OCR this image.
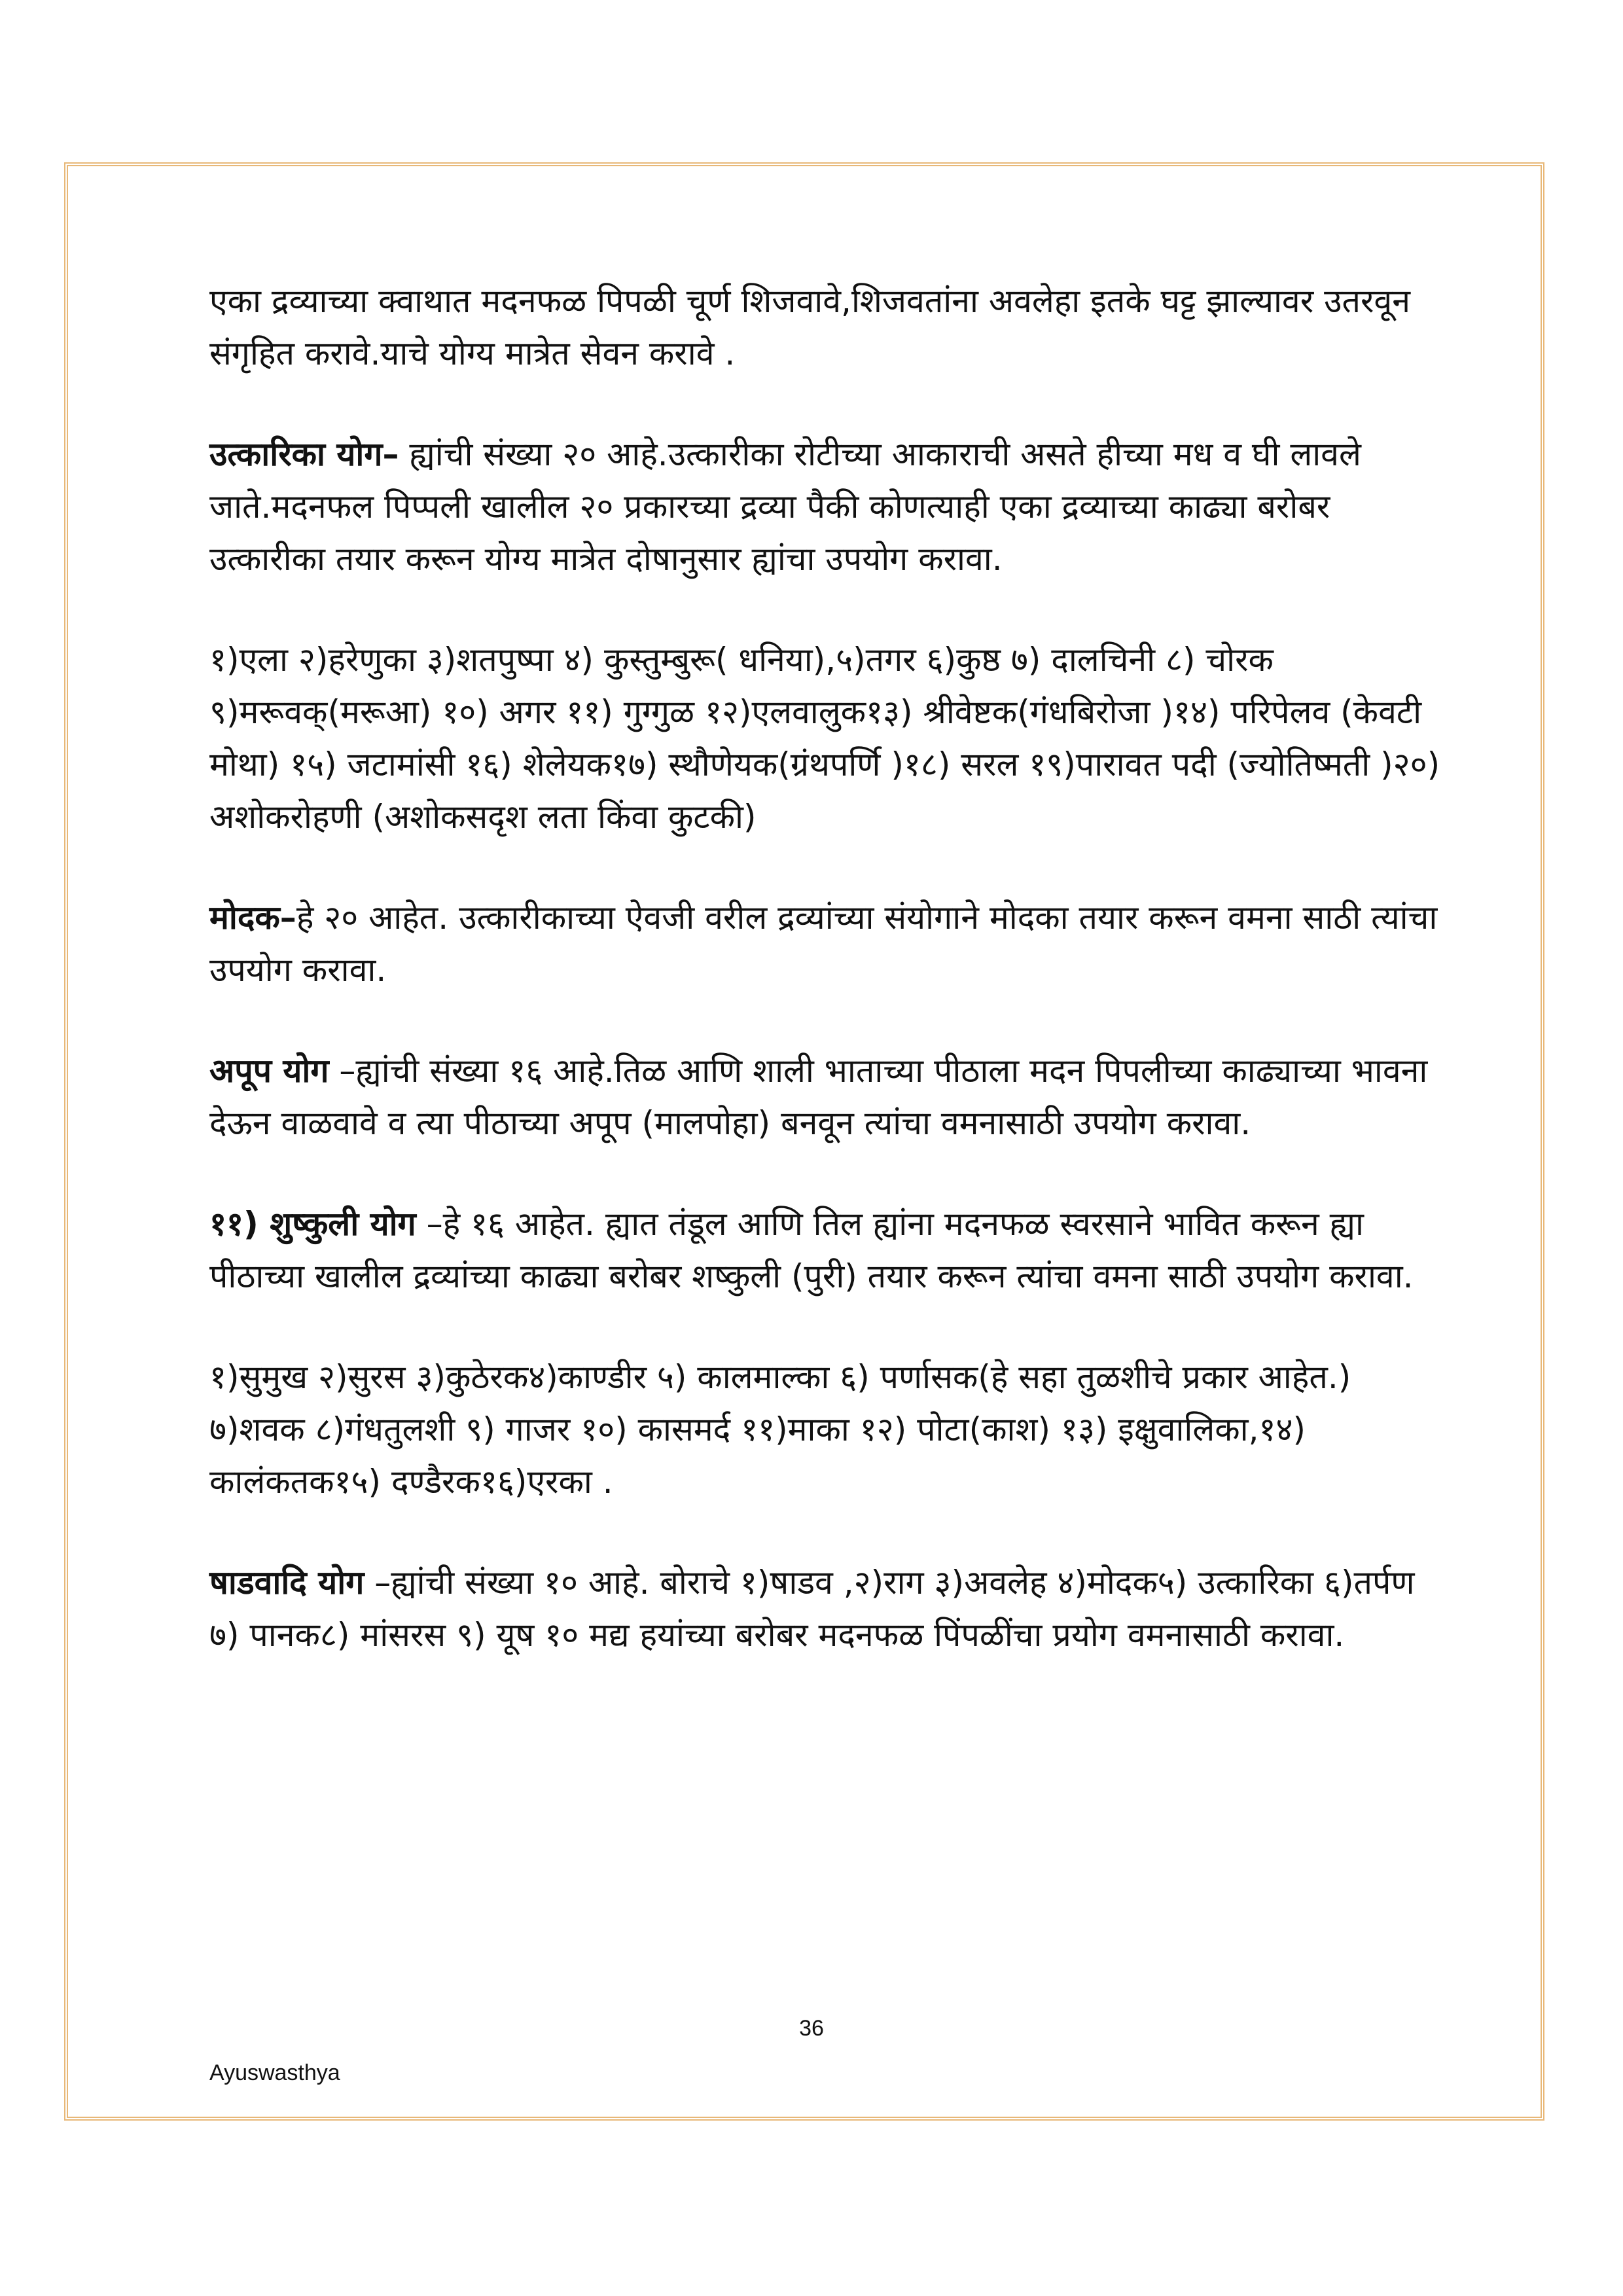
एका द्रव्याच्या क्वाथात मदनफळ पिपळी चूर्ण शिजवावे,शिजवतांना अवलेहा इतके घट्ट झाल्यावर उतरवून संगृहित करावे.याचे योग्य मात्रेत सेवन करावे .

उत्कारिका योग– ह्यांची संख्या २० आहे.उत्कारीका रोटीच्या आकाराची असते हीच्या मध व घी लावले जाते.मदनफल पिप्पली खालील २० प्रकारच्या द्रव्या पैकी कोणत्याही एका द्रव्याच्या काढ्या बरोबर उत्कारीका तयार करून योग्य मात्रेत दोषानुसार ह्यांचा उपयोग करावा.

१)एला २)हरेणुका ३)शतपुष्पा ४) कुस्तुम्बुरू( धनिया),५)तगर ६)कुष्ठ ७) दालचिनी ८) चोरक ९)मरूवक्(मरूआ) १०) अगर ११) गुग्गुळ १२)एलवालुक१३) श्रीवेष्टक(गंधबिरोजा )१४) परिपेलव (केवटी मोथा) १५) जटामांसी १६) शेलेयक१७) स्थौणेयक(ग्रंथपर्णि )१८) सरल १९)पारावत पदी (ज्योतिष्मती )२०) अशोकरोहणी (अशोकसदृश लता किंवा कुटकी)

मोदक–हे २० आहेत. उत्कारीकाच्या ऐवजी वरील द्रव्यांच्या संयोगाने मोदका तयार करून वमना साठी त्यांचा उपयोग करावा.

अपूप योग –ह्यांची संख्या १६ आहे.तिळ आणि शाली भाताच्या पीठाला मदन पिपलीच्या काढ्याच्या भावना देऊन वाळवावे व त्या पीठाच्या अपूप (मालपोहा) बनवून त्यांचा वमनासाठी उपयोग करावा.

११) शुष्कुली योग –हे १६ आहेत. ह्यात तंडूल आणि तिल ह्यांना मदनफळ स्वरसाने भावित करून ह्या पीठाच्या खालील द्रव्यांच्या काढ्या बरोबर शष्कुली (पुरी) तयार करून त्यांचा वमना साठी उपयोग करावा.

१)सुमुख २)सुरस ३)कुठेरक४)काण्डीर ५) कालमाल्का ६) पर्णासक(हे सहा तुळशीचे प्रकार आहेत.) ७)शवक ८)गंधतुलशी ९) गाजर १०) कासमर्द ११)माका १२) पोटा(काश) १३) इक्षुवालिका,१४) कालंकतक१५) दण्डैरक१६)एरका .

षाडवादि योग –ह्यांची संख्या १० आहे. बोराचे १)षाडव ,२)राग ३)अवलेह ४)मोदक५) उत्कारिका ६)तर्पण ७) पानक८) मांसरस ९) यूष १० मद्य हयांच्या बरोबर मदनफळ पिंपळींचा प्रयोग वमनासाठी करावा.

36
Ayuswasthya
